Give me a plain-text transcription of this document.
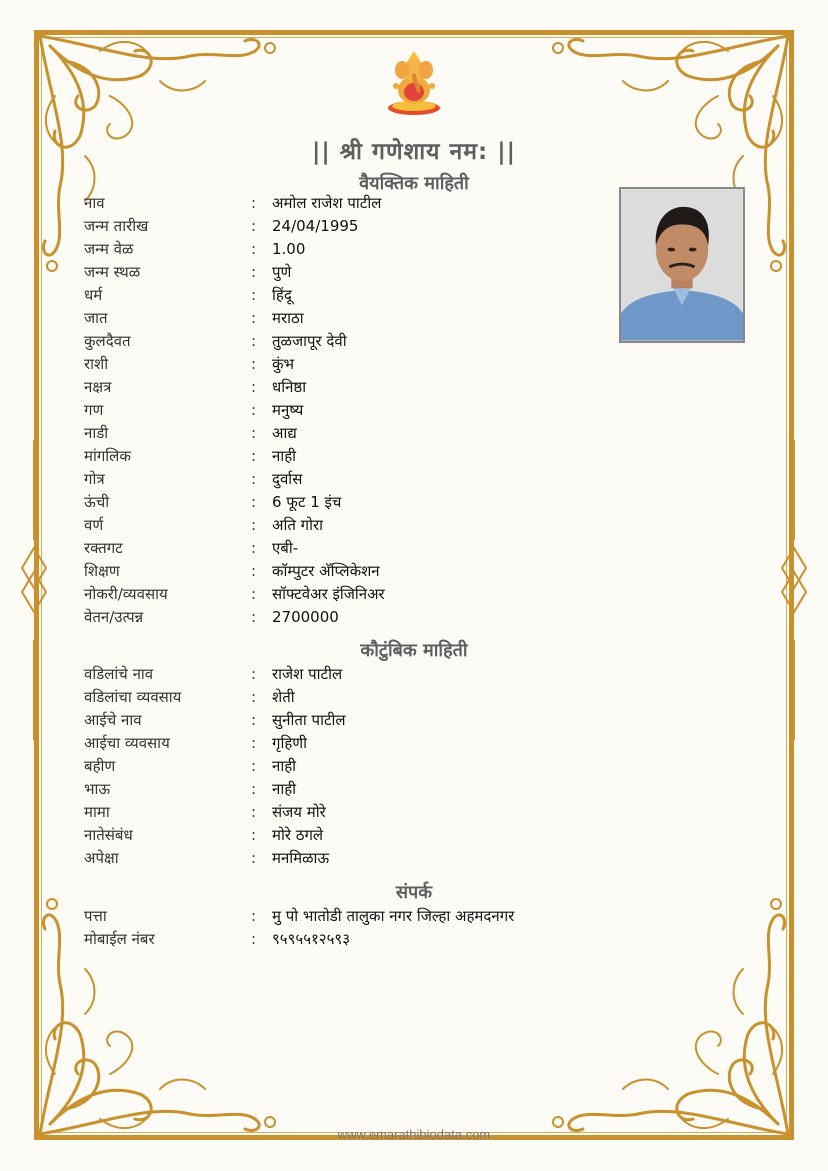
|| श्री गणेशाय नम: ||
वैयक्तिक माहिती
नाव	: अमोल राजेश पाटील
जन्म तारीख	: 24/04/1995
जन्म वेळ	: 1.00
जन्म स्थळ	: पुणे
धर्म	: हिंदू
जात	: मराठा
कुलदैवत	: तुळजापूर देवी
राशी	: कुंभ
नक्षत्र	: धनिष्ठा
गण	: मनुष्य
नाडी	: आद्य
मांगलिक	: नाही
गोत्र	: दुर्वास
ऊंची	: 6 फूट 1 इंच
वर्ण	: अति गोरा
रक्तगट	: एबी-
शिक्षण	: कॉम्पुटर अ‍ॅप्लिकेशन
नोकरी/व्यवसाय	: सॉफ्टवेअर इंजिनिअर
वेतन/उत्पन्न	: 2700000
कौटुंबिक माहिती
वडिलांचे नाव	: राजेश पाटील
वडिलांचा व्यवसाय	: शेती
आईचे नाव	: सुनीता पाटील
आईचा व्यवसाय	: गृहिणी
बहीण	: नाही
भाऊ	: नाही
मामा	: संजय मोरे
नातेसंबंध	: मोरे ठगले
अपेक्षा	: मनमिळाऊ
संपर्क
पत्ता	: मु पो भातोडी तालुका नगर जिल्हा अहमदनगर
मोबाईल नंबर	: ९५९५५१२५९३
www.emarathibiodata.com
